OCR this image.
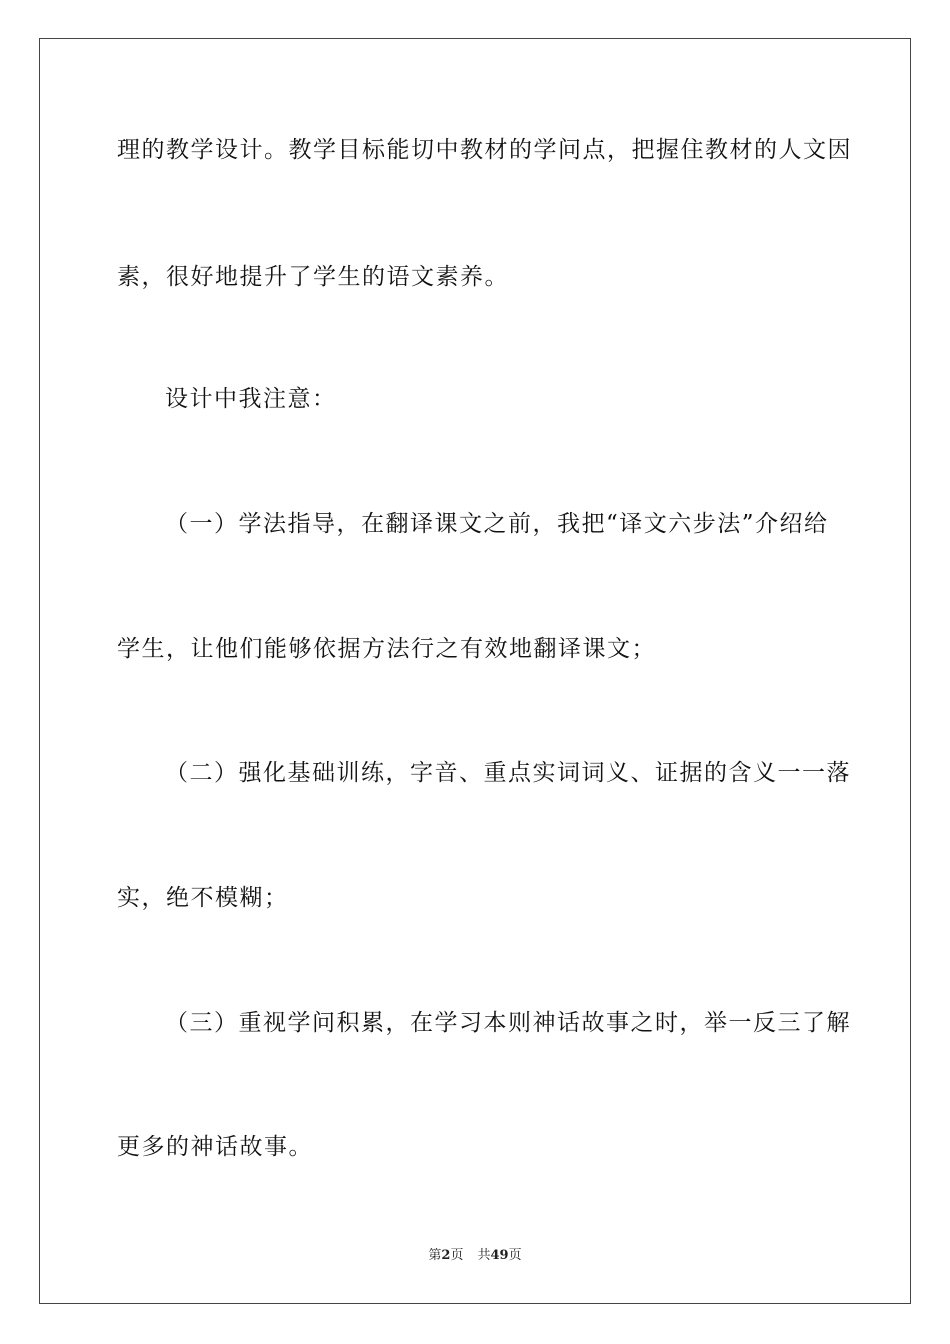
理的教学设计。教学目标能切中教材的学问点，把握住教材的人文因
素，很好地提升了学生的语文素养。
设计中我注意：
（一）学法指导，在翻译课文之前，我把“译文六步法”介绍给
学生，让他们能够依据方法行之有效地翻译课文；
（二）强化基础训练，字音、重点实词词义、证据的含义一一落
实，绝不模糊；
（三）重视学问积累，在学习本则神话故事之时，举一反三了解
更多的神话故事。
第2页 共49页
